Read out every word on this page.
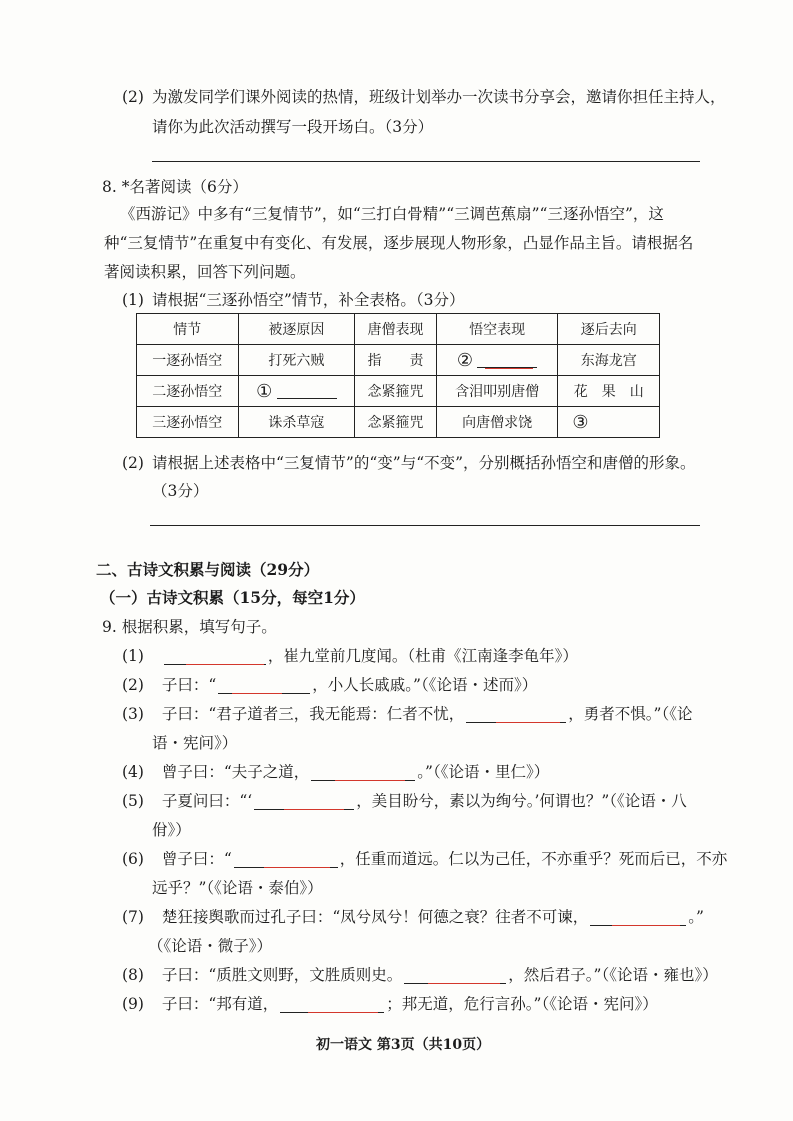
(2) 为激发同学们课外阅读的热情，班级计划举办一次读书分享会，邀请你担任主持人，
请你为此次活动撰写一段开场白。（3分）
8. *名著阅读（6分）
《西游记》中多有“三复情节”，如“三打白骨精”“三调芭蕉扇”“三逐孙悟空”，这
种“三复情节”在重复中有变化、有发展，逐步展现人物形象，凸显作品主旨。请根据名
著阅读积累，回答下列问题。
(1) 请根据“三逐孙悟空”情节，补全表格。（3分）
情节	被逐原因	唐僧表现	悟空表现	逐后去向
一逐孙悟空	打死六贼	指　　责	②	东海龙宫
二逐孙悟空	①	念紧箍咒	含泪叩别唐僧	花　果　山
三逐孙悟空	诛杀草寇	念紧箍咒	向唐僧求饶	③
(2) 请根据上述表格中“三复情节”的“变”与“不变”，分别概括孙悟空和唐僧的形象。
（3分）
二、古诗文积累与阅读（29分）
（一）古诗文积累（15分，每空1分）
9. 根据积累，填写句子。
(1)	，崔九堂前几度闻。（杜甫《江南逢李龟年》）
(2) 子曰：“	，小人长戚戚。”（《论语・述而》）
(3) 子曰：“君子道者三，我无能焉：仁者不忧，	，勇者不惧。”（《论
语・宪问》）
(4) 曾子曰：“夫子之道，	。”（《论语・里仁》）
(5) 子夏问曰：“‘	，美目盼兮，素以为绚兮。’何谓也？”（《论语・八
佾》）
(6) 曾子曰：“	，任重而道远。仁以为己任，不亦重乎？死而后已，不亦
远乎？”（《论语・泰伯》）
(7) 楚狂接舆歌而过孔子曰：“凤兮凤兮！何德之衰？往者不可谏，	。”
（《论语・微子》）
(8) 子曰：“质胜文则野，文胜质则史。	，然后君子。”（《论语・雍也》）
(9) 子曰：“邦有道，	；邦无道，危行言孙。”（《论语・宪问》）
初一语文 第3页（共10页）
